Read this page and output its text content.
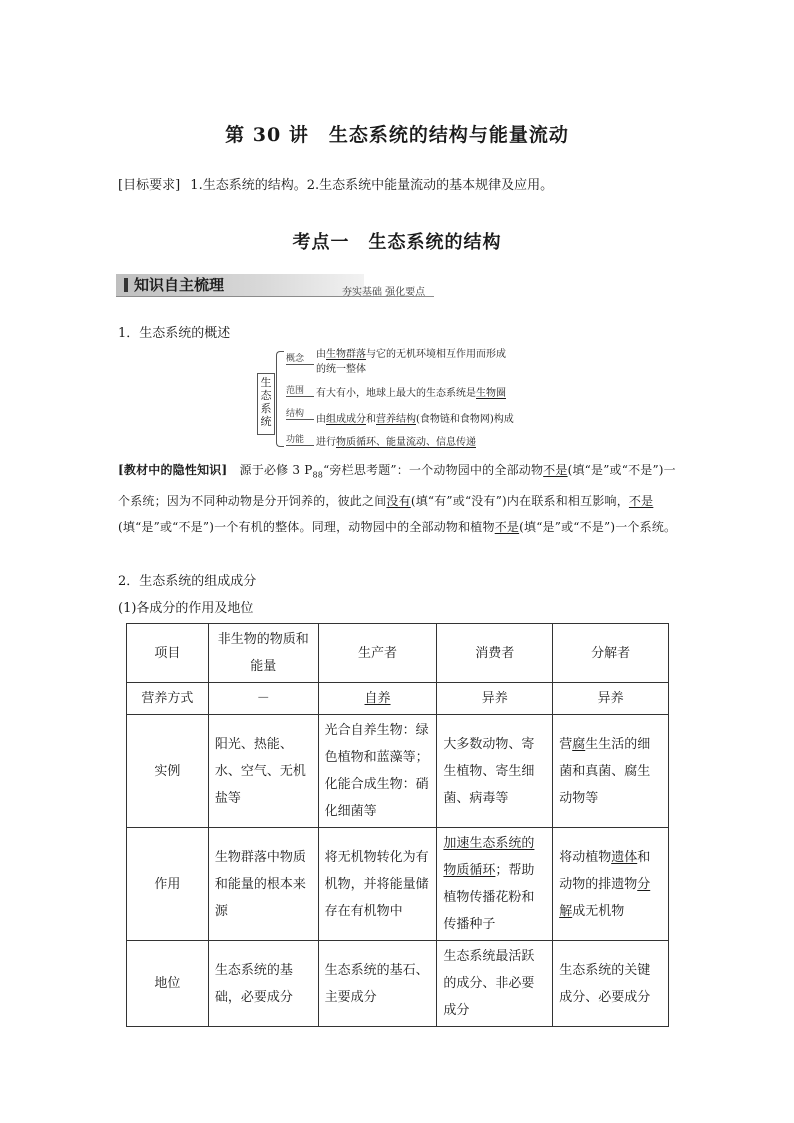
第 30 讲　生态系统的结构与能量流动
[目标要求] 1.生态系统的结构。2.生态系统中能量流动的基本规律及应用。
考点一　生态系统的结构
知识自主梳理	夯实基础 强化要点
1．生态系统的概述
生态系统
概念 由生物群落与它的无机环境相互作用而形成
的统一整体
范围 有大有小，地球上最大的生态系统是生物圈
结构 由组成成分和营养结构(食物链和食物网)构成
功能 进行物质循环、能量流动、信息传递
[教材中的隐性知识]　源于必修 3 $P_{88}“$旁栏思考题”：一个动物园中的全部动物不是(填“是”或“不是”)一个系统；因为不同种动物是分开饲养的，彼此之间没有(填“有”或“没有”)内在联系和相互影响，不是(填“是”或“不是”)一个有机的整体。同理，动物园中的全部动物和植物不是(填“是”或“不是”)一个系统。
2．生态系统的组成成分
(1)各成分的作用及地位
项目	非生物的物质和能量	生产者	消费者	分解者
营养方式	－	自养	异养	异养
实例	阳光、热能、水、空气、无机盐等	光合自养生物：绿色植物和蓝藻等；化能合成生物：硝化细菌等	大多数动物、寄生植物、寄生细菌、病毒等	营腐生生活的细菌和真菌、腐生动物等
作用	生物群落中物质和能量的根本来源	将无机物转化为有机物，并将能量储存在有机物中	加速生态系统的物质循环；帮助植物传播花粉和传播种子	将动植物遗体和动物的排遗物分解成无机物
地位	生态系统的基础，必要成分	生态系统的基石、主要成分	生态系统最活跃的成分、非必要成分	生态系统的关键成分、必要成分
